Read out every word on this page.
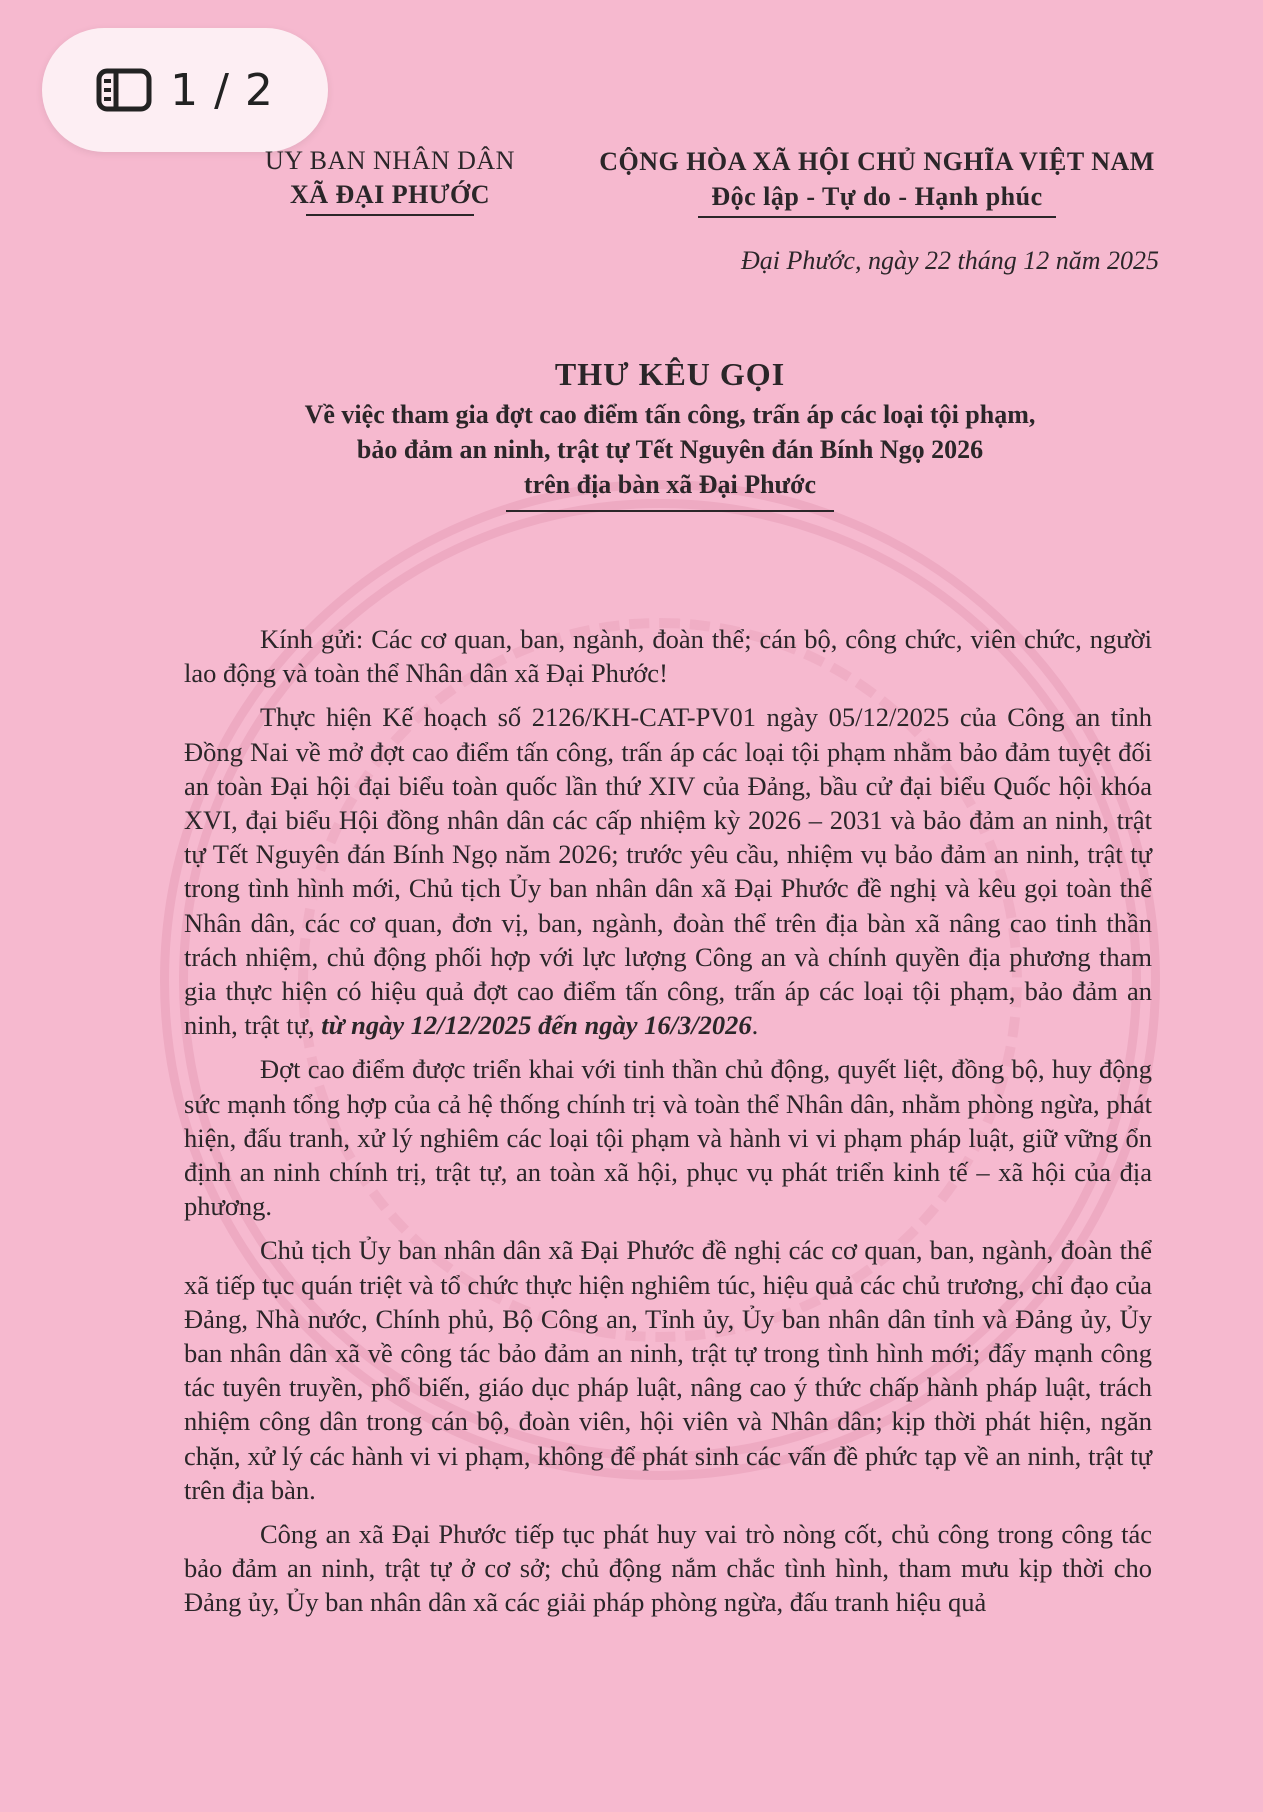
1 / 2
UY BAN NHÂN DÂN
XÃ ĐẠI PHƯỚC
CỘNG HÒA XÃ HỘI CHỦ NGHĨA VIỆT NAM
Độc lập - Tự do - Hạnh phúc
Đại Phước, ngày 22 tháng 12 năm 2025
THƯ KÊU GỌI
Về việc tham gia đợt cao điểm tấn công, trấn áp các loại tội phạm,
bảo đảm an ninh, trật tự Tết Nguyên đán Bính Ngọ 2026
trên địa bàn xã Đại Phước

Kính gửi: Các cơ quan, ban, ngành, đoàn thể; cán bộ, công chức, viên chức, người lao động và toàn thể Nhân dân xã Đại Phước!

Thực hiện Kế hoạch số 2126/KH-CAT-PV01 ngày 05/12/2025 của Công an tỉnh Đồng Nai về mở đợt cao điểm tấn công, trấn áp các loại tội phạm nhằm bảo đảm tuyệt đối an toàn Đại hội đại biểu toàn quốc lần thứ XIV của Đảng, bầu cử đại biểu Quốc hội khóa XVI, đại biểu Hội đồng nhân dân các cấp nhiệm kỳ 2026 – 2031 và bảo đảm an ninh, trật tự Tết Nguyên đán Bính Ngọ năm 2026; trước yêu cầu, nhiệm vụ bảo đảm an ninh, trật tự trong tình hình mới, Chủ tịch Ủy ban nhân dân xã Đại Phước đề nghị và kêu gọi toàn thể Nhân dân, các cơ quan, đơn vị, ban, ngành, đoàn thể trên địa bàn xã nâng cao tinh thần trách nhiệm, chủ động phối hợp với lực lượng Công an và chính quyền địa phương tham gia thực hiện có hiệu quả đợt cao điểm tấn công, trấn áp các loại tội phạm, bảo đảm an ninh, trật tự, từ ngày 12/12/2025 đến ngày 16/3/2026.

Đợt cao điểm được triển khai với tinh thần chủ động, quyết liệt, đồng bộ, huy động sức mạnh tổng hợp của cả hệ thống chính trị và toàn thể Nhân dân, nhằm phòng ngừa, phát hiện, đấu tranh, xử lý nghiêm các loại tội phạm và hành vi vi phạm pháp luật, giữ vững ổn định an ninh chính trị, trật tự, an toàn xã hội, phục vụ phát triển kinh tế – xã hội của địa phương.

Chủ tịch Ủy ban nhân dân xã Đại Phước đề nghị các cơ quan, ban, ngành, đoàn thể xã tiếp tục quán triệt và tổ chức thực hiện nghiêm túc, hiệu quả các chủ trương, chỉ đạo của Đảng, Nhà nước, Chính phủ, Bộ Công an, Tỉnh ủy, Ủy ban nhân dân tỉnh và Đảng ủy, Ủy ban nhân dân xã về công tác bảo đảm an ninh, trật tự trong tình hình mới; đẩy mạnh công tác tuyên truyền, phổ biến, giáo dục pháp luật, nâng cao ý thức chấp hành pháp luật, trách nhiệm công dân trong cán bộ, đoàn viên, hội viên và Nhân dân; kịp thời phát hiện, ngăn chặn, xử lý các hành vi vi phạm, không để phát sinh các vấn đề phức tạp về an ninh, trật tự trên địa bàn.

Công an xã Đại Phước tiếp tục phát huy vai trò nòng cốt, chủ công trong công tác bảo đảm an ninh, trật tự ở cơ sở; chủ động nắm chắc tình hình, tham mưu kịp thời cho Đảng ủy, Ủy ban nhân dân xã các giải pháp phòng ngừa, đấu tranh hiệu quả
